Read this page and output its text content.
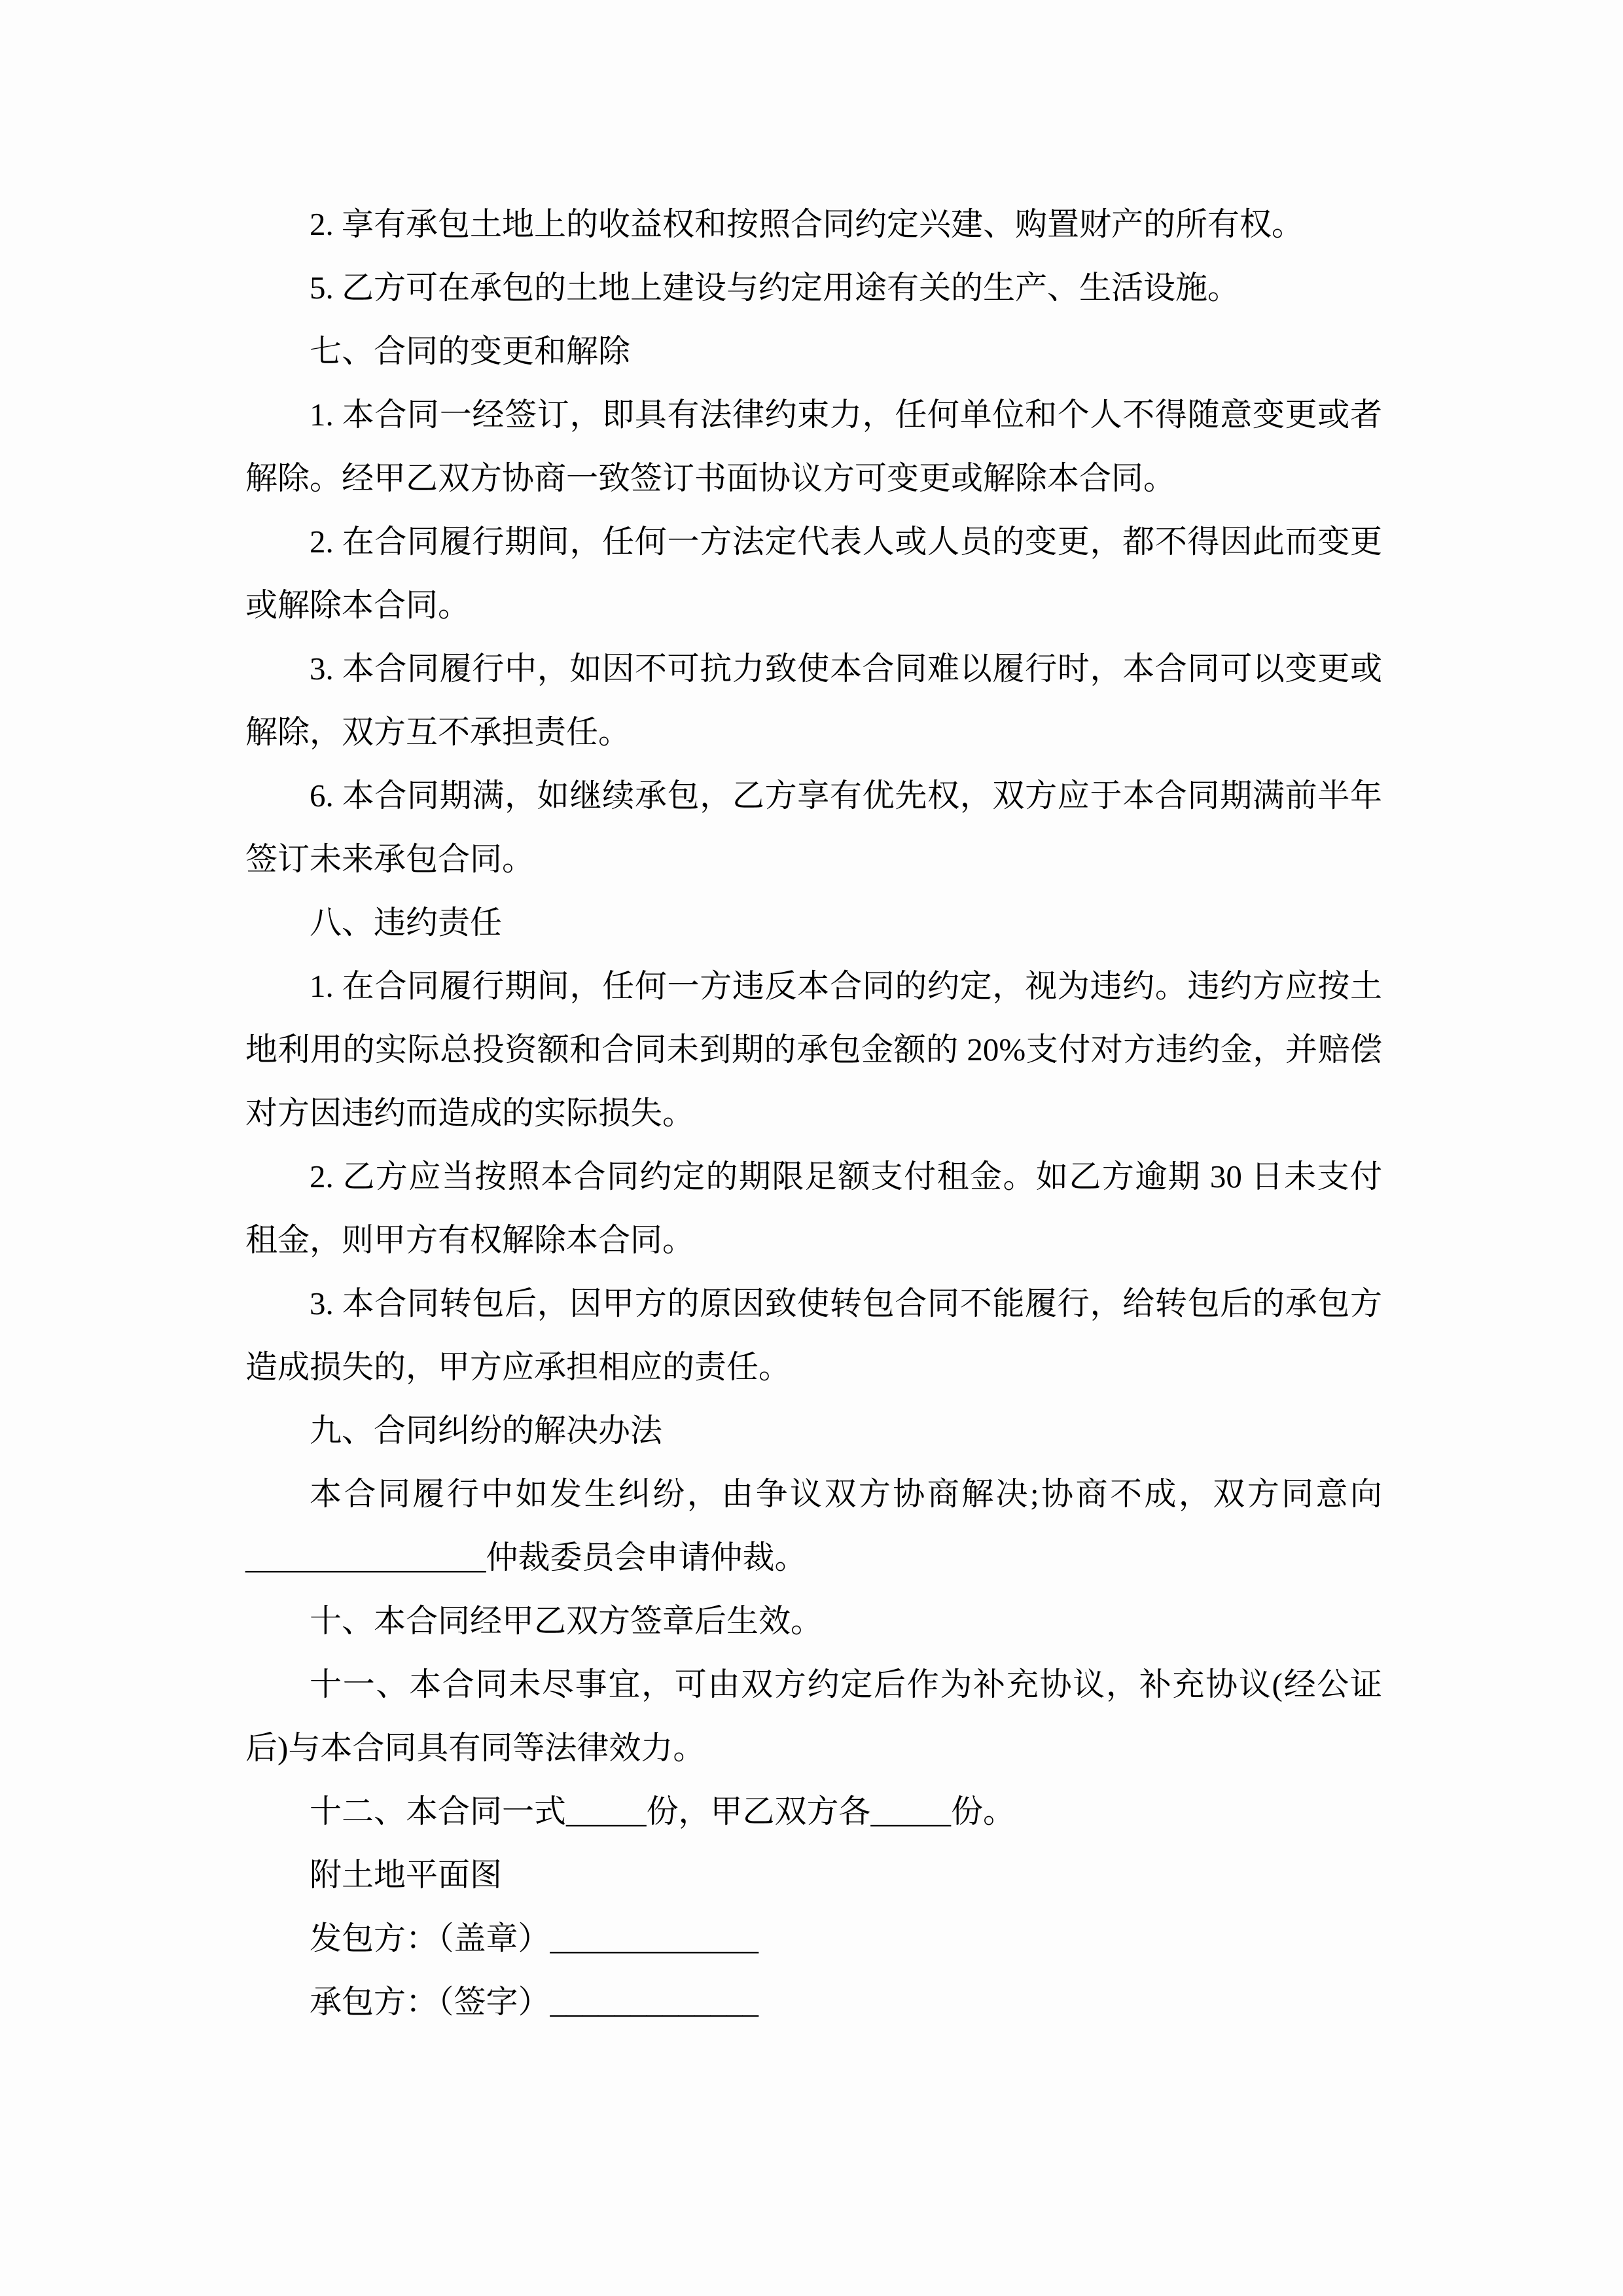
2. 享有承包土地上的收益权和按照合同约定兴建、购置财产的所有权。
5. 乙方可在承包的土地上建设与约定用途有关的生产、生活设施。
七、合同的变更和解除
1. 本合同一经签订，即具有法律约束力，任何单位和个人不得随意变更或者
解除。经甲乙双方协商一致签订书面协议方可变更或解除本合同。
2. 在合同履行期间，任何一方法定代表人或人员的变更，都不得因此而变更
或解除本合同。
3. 本合同履行中，如因不可抗力致使本合同难以履行时，本合同可以变更或
解除，双方互不承担责任。
6. 本合同期满，如继续承包，乙方享有优先权，双方应于本合同期满前半年
签订未来承包合同。
八、违约责任
1. 在合同履行期间，任何一方违反本合同的约定，视为违约。违约方应按土
地利用的实际总投资额和合同未到期的承包金额的 20%支付对方违约金，并赔偿
对方因违约而造成的实际损失。
2. 乙方应当按照本合同约定的期限足额支付租金。如乙方逾期 30 日未支付
租金，则甲方有权解除本合同。
3. 本合同转包后，因甲方的原因致使转包合同不能履行，给转包后的承包方
造成损失的，甲方应承担相应的责任。
九、合同纠纷的解决办法
本合同履行中如发生纠纷，由争议双方协商解决;协商不成，双方同意向
_______________仲裁委员会申请仲裁。
十、本合同经甲乙双方签章后生效。
十一、本合同未尽事宜，可由双方约定后作为补充协议，补充协议(经公证
后)与本合同具有同等法律效力。
十二、本合同一式_____份，甲乙双方各_____份。
附土地平面图
发包方：（盖章）_____________
承包方：（签字）_____________
